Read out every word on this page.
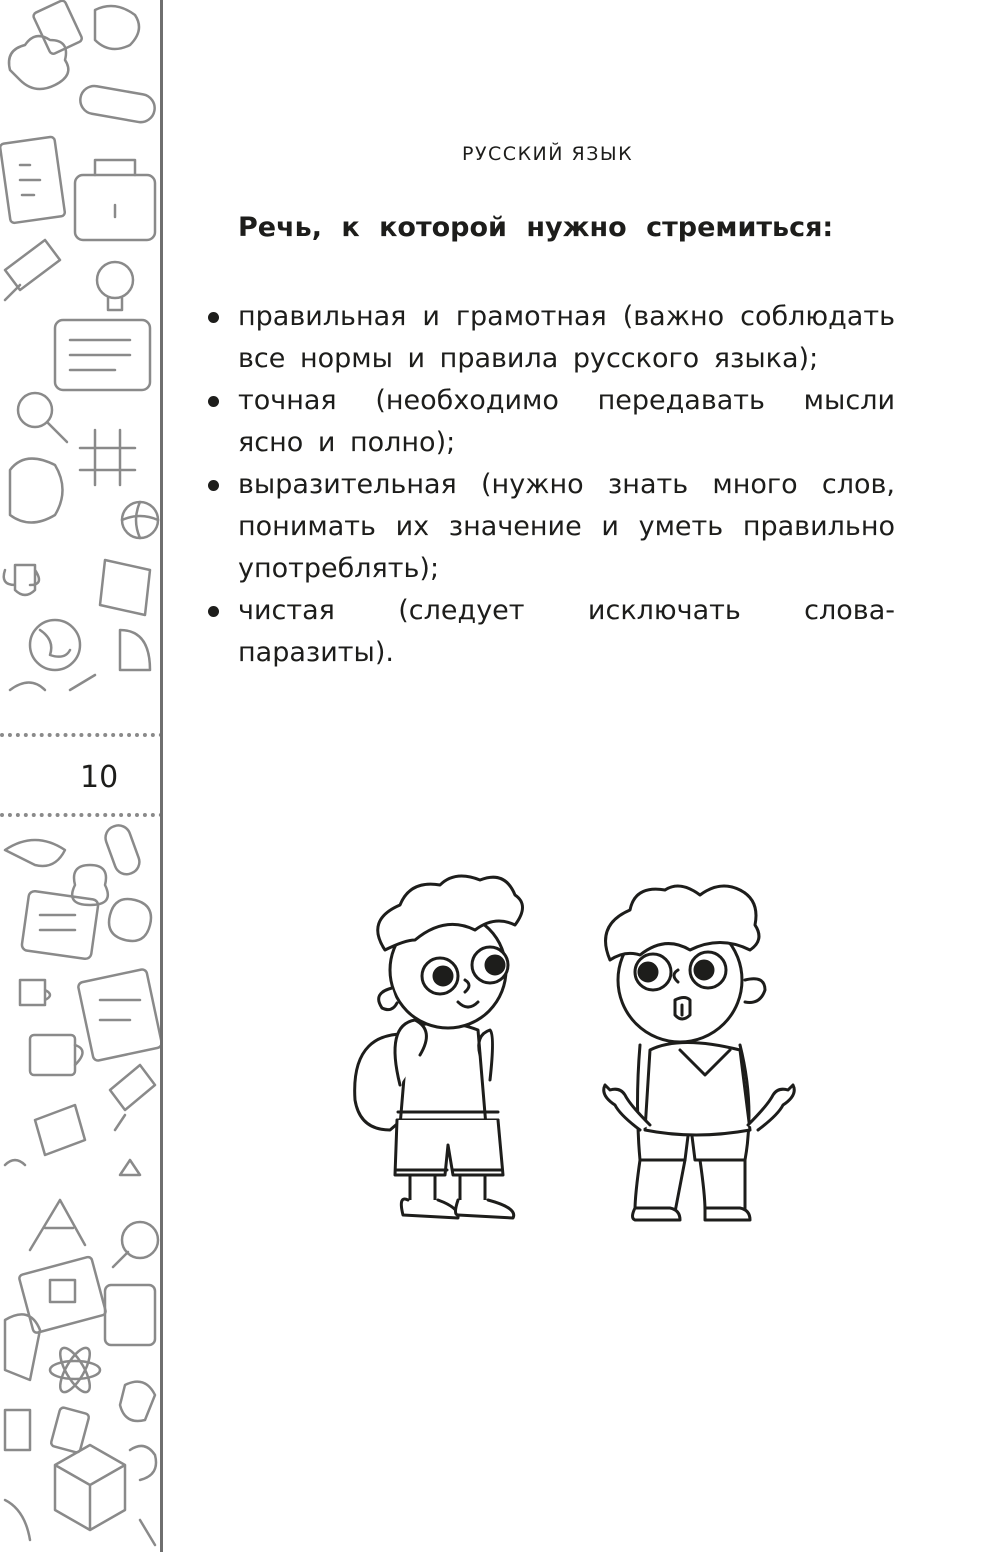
10
РУССКИЙ ЯЗЫК
Речь, к которой нужно стремиться:
правильная и грамотная (важно соблюдать все нормы и правила русского языка);
точная (необходимо передавать мысли ясно и полно);
выразительная (нужно знать много слов, понимать их значение и уметь правильно употреблять);
чистая (следует исключать слова-паразиты).
